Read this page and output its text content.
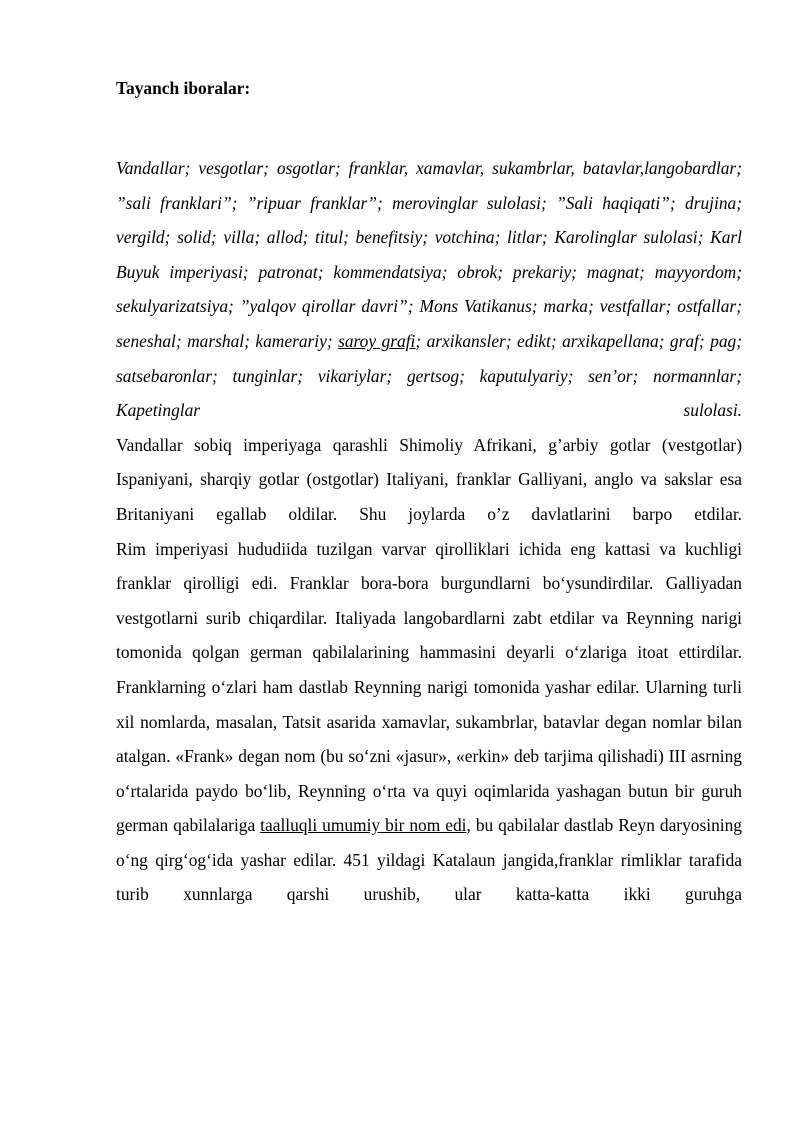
Tayanch iboralar:

Vandallar; vesgotlar; osgotlar; franklar, xamavlar, sukambrlar, batavlar,langobardlar; ”sali franklari”; ”ripuar franklar”; merovinglar sulolasi; ”Sali haqiqati”; drujina; vergild; solid; villa; allod; titul; benefitsiy; votchina; litlar; Karolinglar sulolasi; Karl Buyuk imperiyasi; patronat; kommendatsiya; obrok; prekariy; magnat; mayyordom; sekulyarizatsiya; ”yalqov qirollar davri”; Mons Vatikanus; marka; vestfallar; ostfallar; seneshal; marshal; kamerariy; saroy grafi; arxikansler; edikt; arxikapellana; graf; pag; satsebaronlar; tunginlar; vikariylar; gertsog; kaputulyariy; sen’or; normannlar; Kapetinglar sulolasi.

Vandallar sobiq imperiyaga qarashli Shimoliy Afrikani, g’arbiy gotlar (vestgotlar) Ispaniyani, sharqiy gotlar (ostgotlar) Italiyani, franklar Galliyani, anglo va sakslar esa Britaniyani egallab oldilar. Shu joylarda o’z davlatlarini barpo etdilar.

Rim imperiyasi hududiida tuzilgan varvar qirolliklari ichida eng kattasi va kuchligi franklar qirolligi edi. Franklar bora-bora burgundlarni bo‘ysundirdilar. Galliyadan vestgotlarni surib chiqardilar. Italiyada langobardlarni zabt etdilar va Reynning narigi tomonida qolgan german qabilalarining hammasini deyarli o‘zlariga itoat ettirdilar. Franklarning o‘zlari ham dastlab Reynning narigi tomonida yashar edilar. Ularning turli xil nomlarda, masalan, Tatsit asarida xamavlar, sukambrlar, batavlar degan nomlar bilan atalgan. «Frank» degan nom (bu so‘zni «jasur», «erkin» deb tarjima qilishadi) III asrning o‘rtalarida paydo bo‘lib, Reynning o‘rta va quyi oqimlarida yashagan butun bir guruh german qabilalariga taalluqli umumiy bir nom edi, bu qabilalar dastlab Reyn daryosining o‘ng qirg‘og‘ida yashar edilar. 451 yildagi Katalaun jangida,franklar rimliklar tarafida turib xunnlarga qarshi urushib, ular katta-katta ikki guruhga
